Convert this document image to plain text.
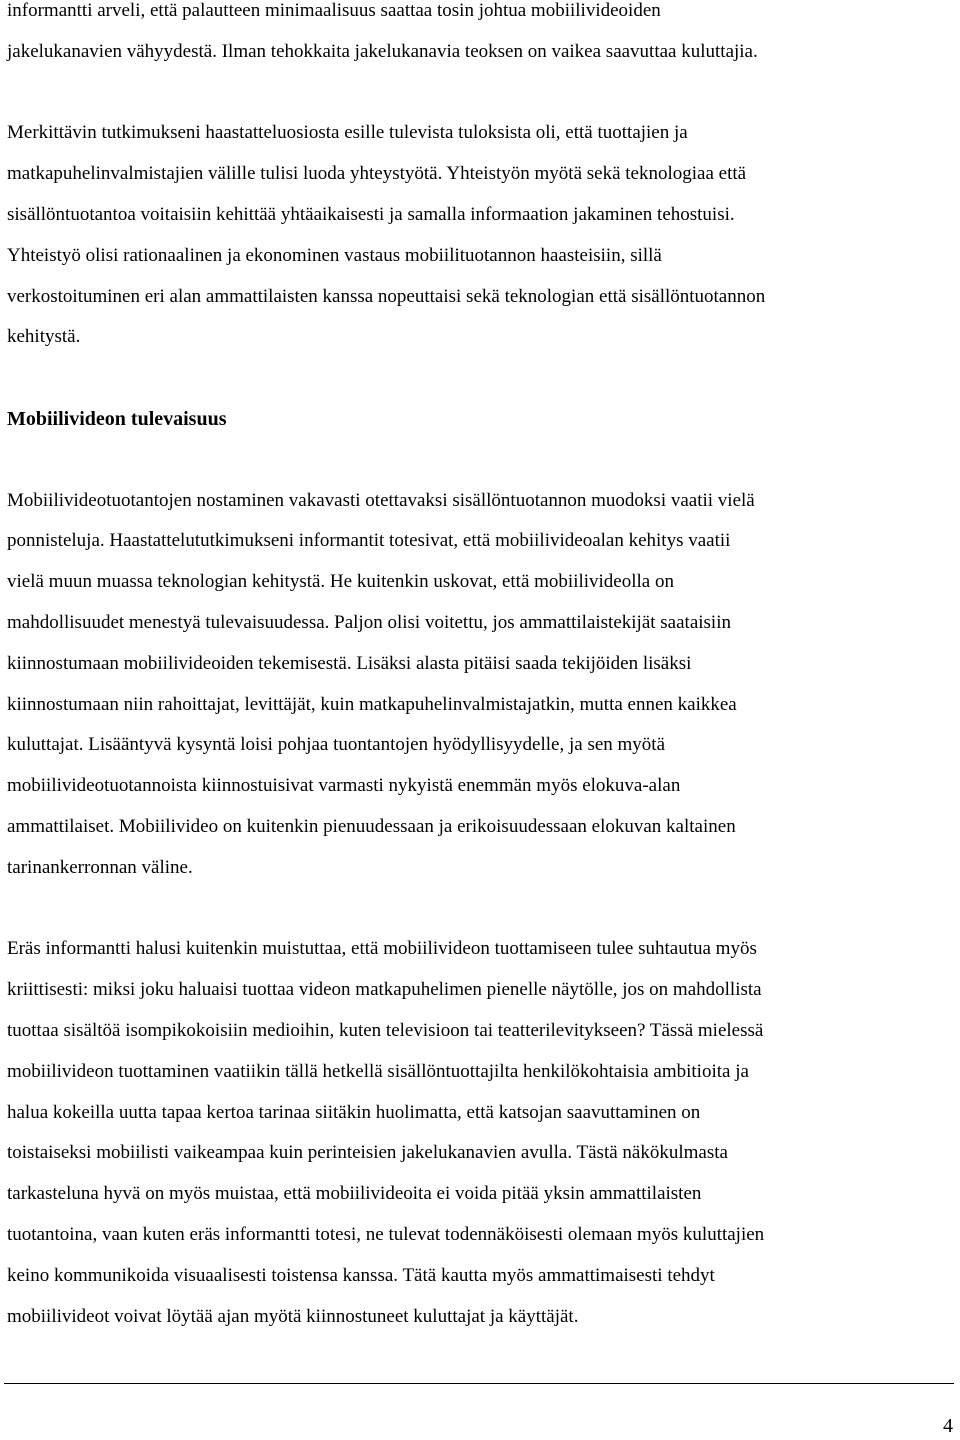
informantti arveli, että palautteen minimaalisuus saattaa tosin johtua mobiilivideoiden
jakelukanavien vähyydestä. Ilman tehokkaita jakelukanavia teoksen on vaikea saavuttaa kuluttajia.

Merkittävin tutkimukseni haastatteluosiosta esille tulevista tuloksista oli, että tuottajien ja
matkapuhelinvalmistajien välille tulisi luoda yhteystyötä. Yhteistyön myötä sekä teknologiaa että
sisällöntuotantoa voitaisiin kehittää yhtäaikaisesti ja samalla informaation jakaminen tehostuisi.
Yhteistyö olisi rationaalinen ja ekonominen vastaus mobiilituotannon haasteisiin, sillä
verkostoituminen eri alan ammattilaisten kanssa nopeuttaisi sekä teknologian että sisällöntuotannon
kehitystä.

Mobiilivideon tulevaisuus

Mobiilivideotuotantojen nostaminen vakavasti otettavaksi sisällöntuotannon muodoksi vaatii vielä
ponnisteluja. Haastattelututkimukseni informantit totesivat, että mobiilivideoalan kehitys vaatii
vielä muun muassa teknologian kehitystä. He kuitenkin uskovat, että mobiilivideolla on
mahdollisuudet menestyä tulevaisuudessa. Paljon olisi voitettu, jos ammattilaistekijät saataisiin
kiinnostumaan mobiilivideoiden tekemisestä. Lisäksi alasta pitäisi saada tekijöiden lisäksi
kiinnostumaan niin rahoittajat, levittäjät, kuin matkapuhelinvalmistajatkin, mutta ennen kaikkea
kuluttajat. Lisääntyvä kysyntä loisi pohjaa tuontantojen hyödyllisyydelle, ja sen myötä
mobiilivideotuotannoista kiinnostuisivat varmasti nykyistä enemmän myös elokuva-alan
ammattilaiset. Mobiilivideo on kuitenkin pienuudessaan ja erikoisuudessaan elokuvan kaltainen
tarinankerronnan väline.

Eräs informantti halusi kuitenkin muistuttaa, että mobiilivideon tuottamiseen tulee suhtautua myös
kriittisesti: miksi joku haluaisi tuottaa videon matkapuhelimen pienelle näytölle, jos on mahdollista
tuottaa sisältöä isompikokoisiin medioihin, kuten televisioon tai teatterilevitykseen? Tässä mielessä
mobiilivideon tuottaminen vaatiikin tällä hetkellä sisällöntuottajilta henkilökohtaisia ambitioita ja
halua kokeilla uutta tapaa kertoa tarinaa siitäkin huolimatta, että katsojan saavuttaminen on
toistaiseksi mobiilisti vaikeampaa kuin perinteisien jakelukanavien avulla. Tästä näkökulmasta
tarkasteluna hyvä on myös muistaa, että mobiilivideoita ei voida pitää yksin ammattilaisten
tuotantoina, vaan kuten eräs informantti totesi, ne tulevat todennäköisesti olemaan myös kuluttajien
keino kommunikoida visuaalisesti toistensa kanssa. Tätä kautta myös ammattimaisesti tehdyt
mobiilivideot voivat löytää ajan myötä kiinnostuneet kuluttajat ja käyttäjät.

4
